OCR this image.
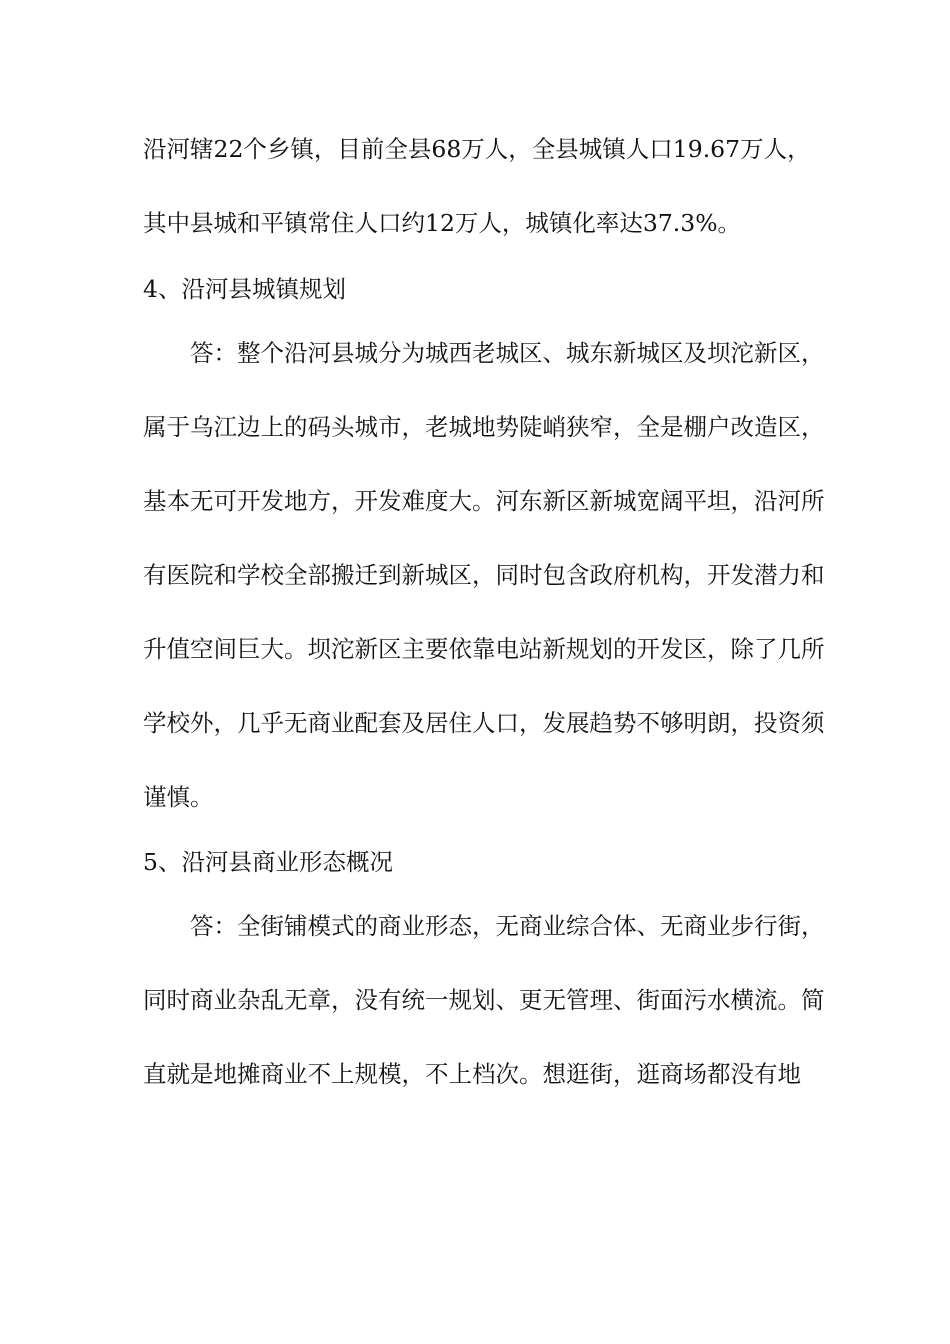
沿河辖22个乡镇，目前全县68万人，全县城镇人口19.67万人，
其中县城和平镇常住人口约12万人，城镇化率达37.3%。
4、沿河县城镇规划
答：整个沿河县城分为城西老城区、城东新城区及坝沱新区，
属于乌江边上的码头城市，老城地势陡峭狭窄，全是棚户改造区，
基本无可开发地方，开发难度大。河东新区新城宽阔平坦，沿河所
有医院和学校全部搬迁到新城区，同时包含政府机构，开发潜力和
升值空间巨大。坝沱新区主要依靠电站新规划的开发区，除了几所
学校外，几乎无商业配套及居住人口，发展趋势不够明朗，投资须
谨慎。
5、沿河县商业形态概况
答：全街铺模式的商业形态，无商业综合体、无商业步行街，
同时商业杂乱无章，没有统一规划、更无管理、街面污水横流。简
直就是地摊商业不上规模，不上档次。想逛街，逛商场都没有地
